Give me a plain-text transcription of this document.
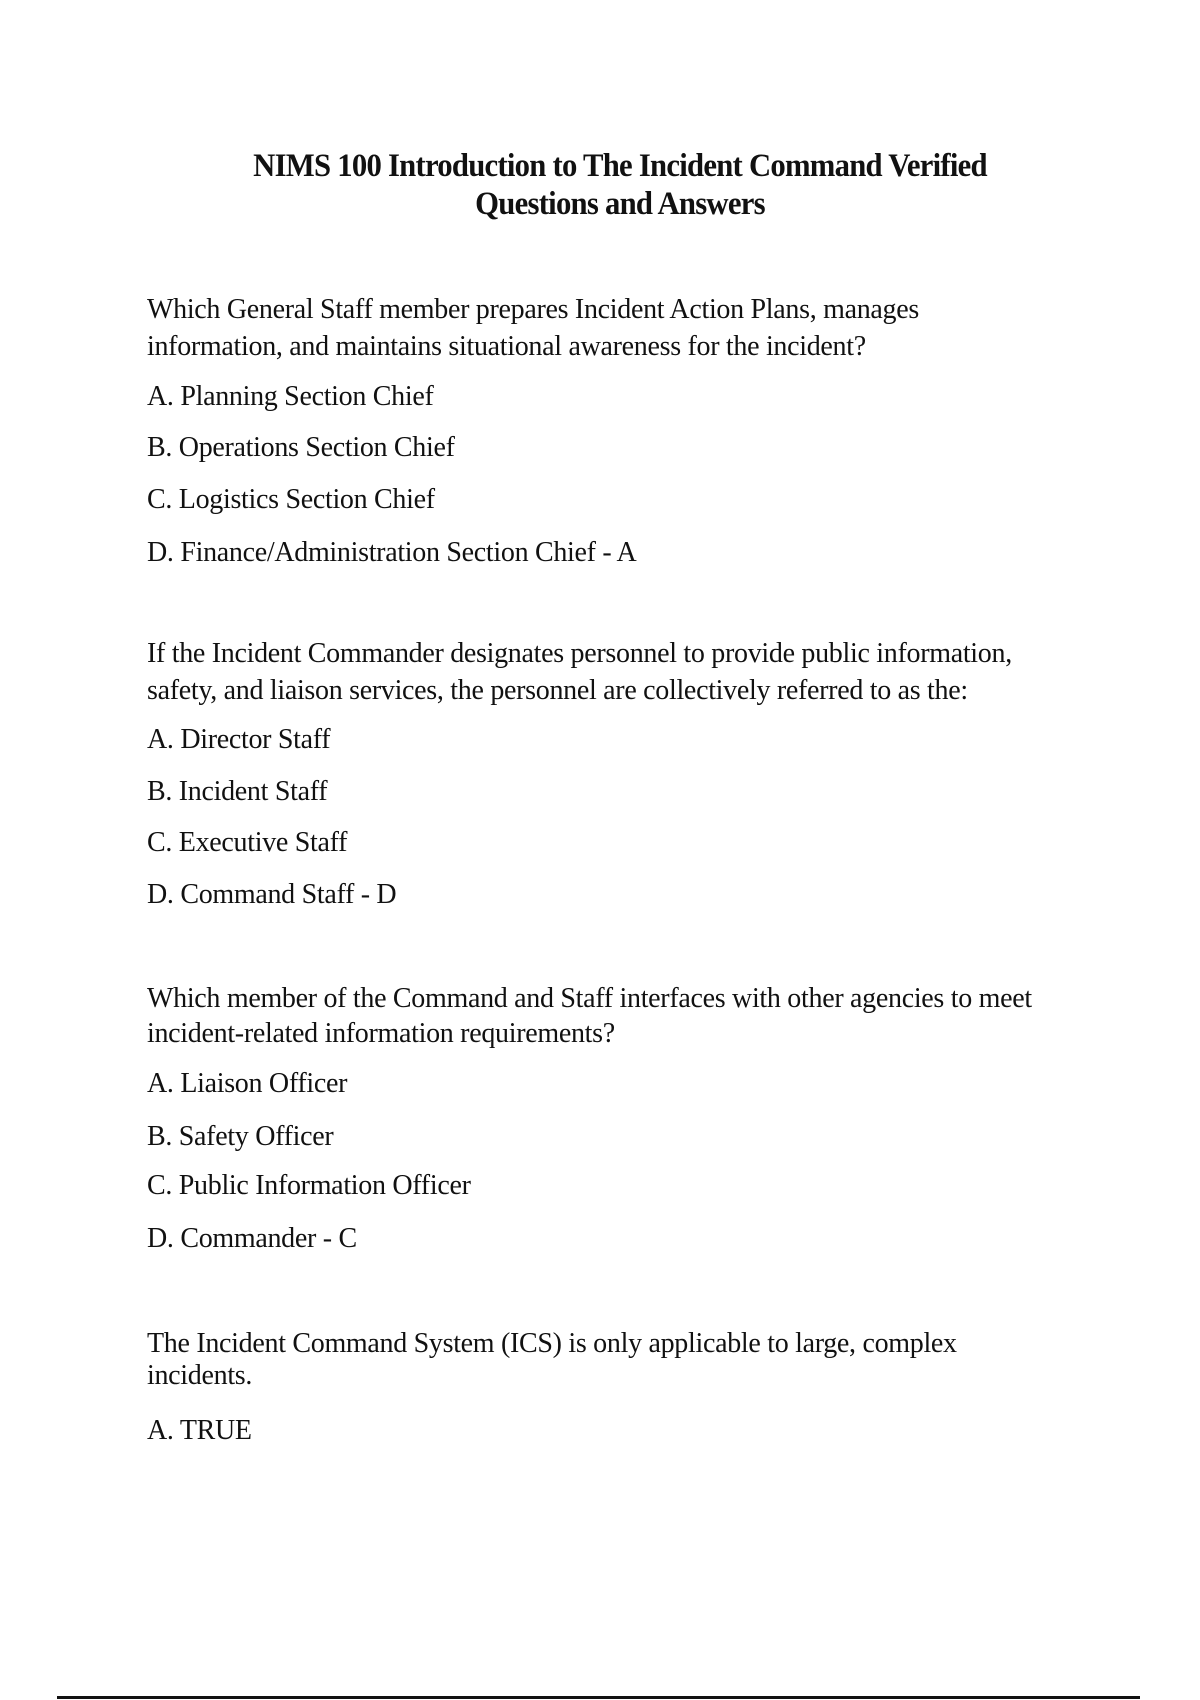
NIMS 100 Introduction to The Incident Command Verified
Questions and Answers
Which General Staff member prepares Incident Action Plans, manages
information, and maintains situational awareness for the incident?
A. Planning Section Chief
B. Operations Section Chief
C. Logistics Section Chief
D. Finance/Administration Section Chief - A
If the Incident Commander designates personnel to provide public information,
safety, and liaison services, the personnel are collectively referred to as the:
A. Director Staff
B. Incident Staff
C. Executive Staff
D. Command Staff - D
Which member of the Command and Staff interfaces with other agencies to meet
incident-related information requirements?
A. Liaison Officer
B. Safety Officer
C. Public Information Officer
D. Commander - C
The Incident Command System (ICS) is only applicable to large, complex
incidents.
A. TRUE
